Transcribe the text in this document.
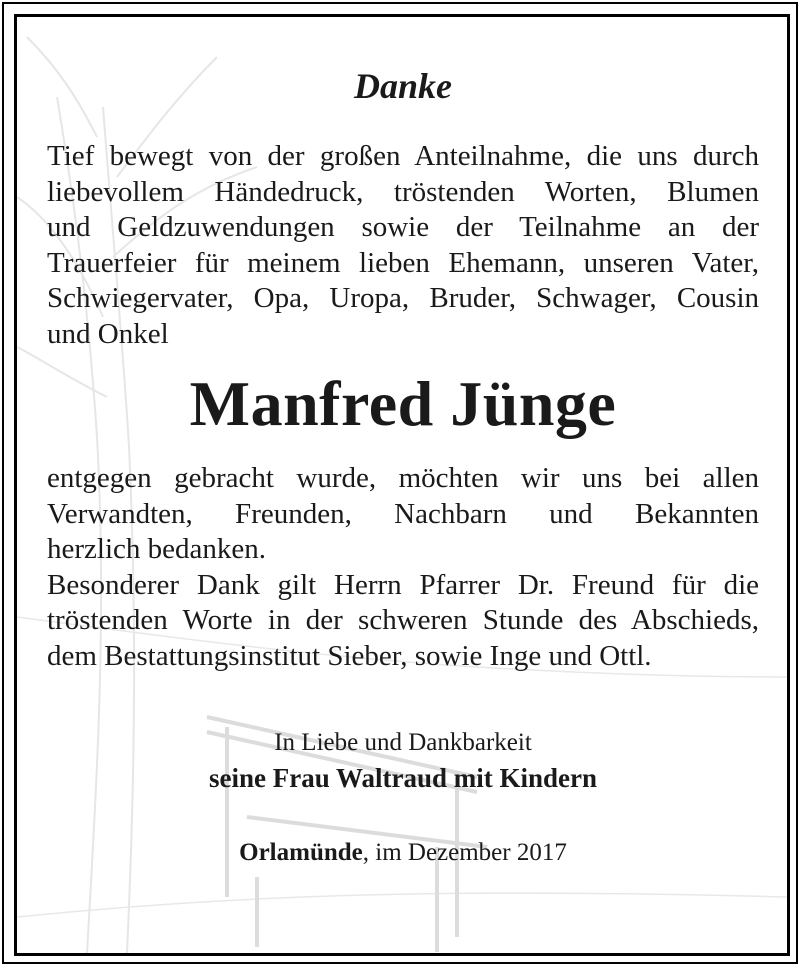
Danke
Tief bewegt von der großen Anteilnahme, die uns durch
liebevollem Händedruck, tröstenden Worten, Blumen
und Geldzuwendungen sowie der Teilnahme an der
Trauerfeier für meinem lieben Ehemann, unseren Vater,
Schwiegervater, Opa, Uropa, Bruder, Schwager, Cousin
und Onkel
Manfred Jünge
entgegen gebracht wurde, möchten wir uns bei allen
Verwandten, Freunden, Nachbarn und Bekannten
herzlich bedanken.
Besonderer Dank gilt Herrn Pfarrer Dr. Freund für die
tröstenden Worte in der schweren Stunde des Abschieds,
dem Bestattungsinstitut Sieber, sowie Inge und Ottl.
In Liebe und Dankbarkeit
seine Frau Waltraud mit Kindern
Orlamünde, im Dezember 2017
